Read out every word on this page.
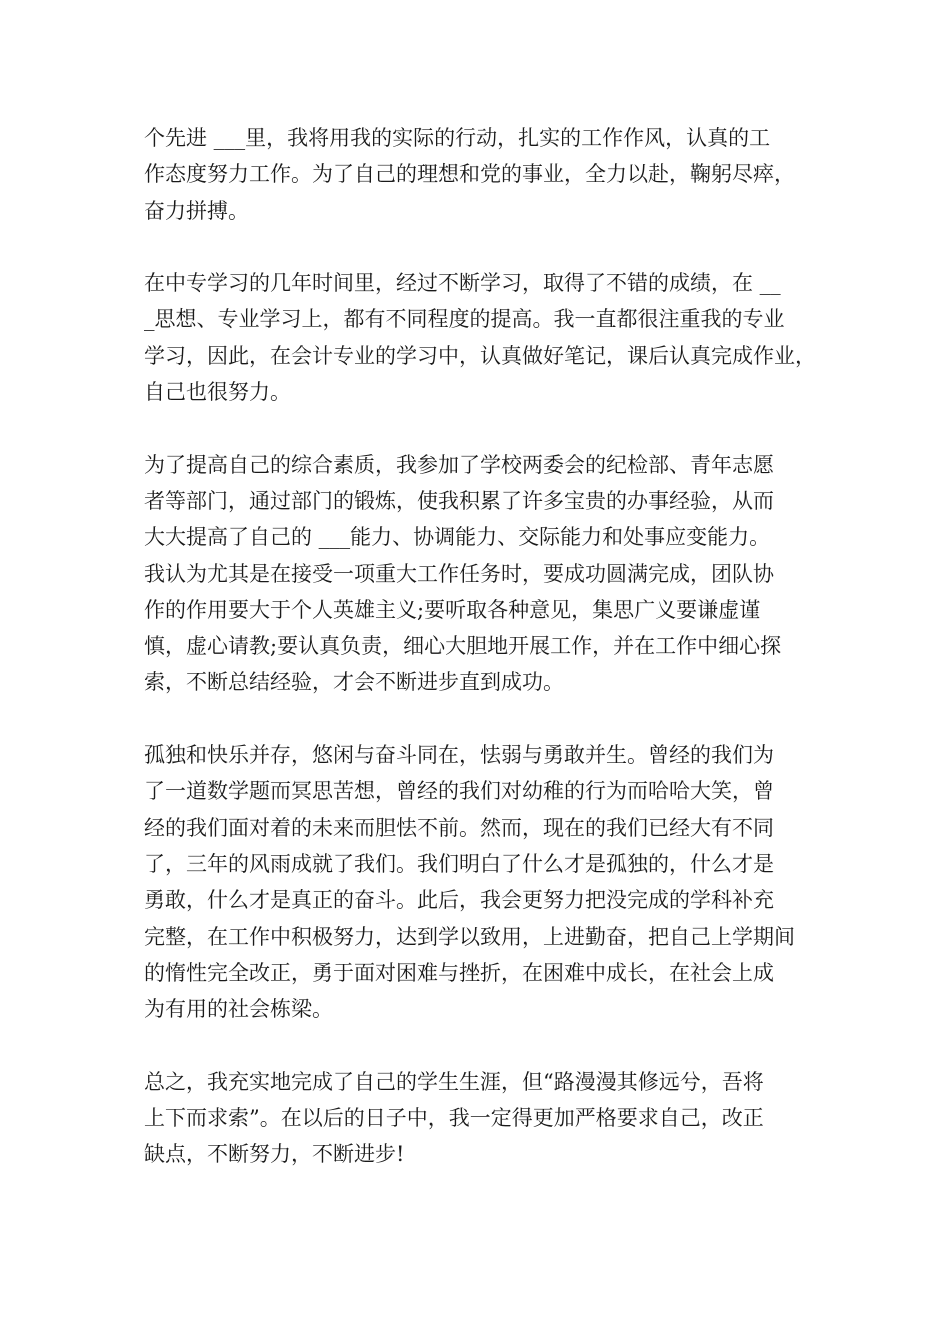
个先进 ___里，我将用我的实际的行动，扎实的工作作风，认真的工
作态度努力工作。为了自己的理想和党的事业，全力以赴，鞠躬尽瘁，
奋力拼搏。

在中专学习的几年时间里，经过不断学习，取得了不错的成绩，在 __
_思想、专业学习上，都有不同程度的提高。我一直都很注重我的专业
学习，因此，在会计专业的学习中，认真做好笔记，课后认真完成作业，
自己也很努力。

为了提高自己的综合素质，我参加了学校两委会的纪检部、青年志愿
者等部门，通过部门的锻炼，使我积累了许多宝贵的办事经验，从而
大大提高了自己的 ___能力、协调能力、交际能力和处事应变能力。
我认为尤其是在接受一项重大工作任务时，要成功圆满完成，团队协
作的作用要大于个人英雄主义;要听取各种意见，集思广义要谦虚谨
慎，虚心请教;要认真负责，细心大胆地开展工作，并在工作中细心探
索，不断总结经验，才会不断进步直到成功。

孤独和快乐并存，悠闲与奋斗同在，怯弱与勇敢并生。曾经的我们为
了一道数学题而冥思苦想，曾经的我们对幼稚的行为而哈哈大笑，曾
经的我们面对着的未来而胆怯不前。然而，现在的我们已经大有不同
了，三年的风雨成就了我们。我们明白了什么才是孤独的，什么才是
勇敢，什么才是真正的奋斗。此后，我会更努力把没完成的学科补充
完整，在工作中积极努力，达到学以致用，上进勤奋，把自己上学期间
的惰性完全改正，勇于面对困难与挫折，在困难中成长，在社会上成
为有用的社会栋梁。

总之，我充实地完成了自己的学生生涯，但“路漫漫其修远兮，吾将
上下而求索”。在以后的日子中，我一定得更加严格要求自己，改正
缺点，不断努力，不断进步!
